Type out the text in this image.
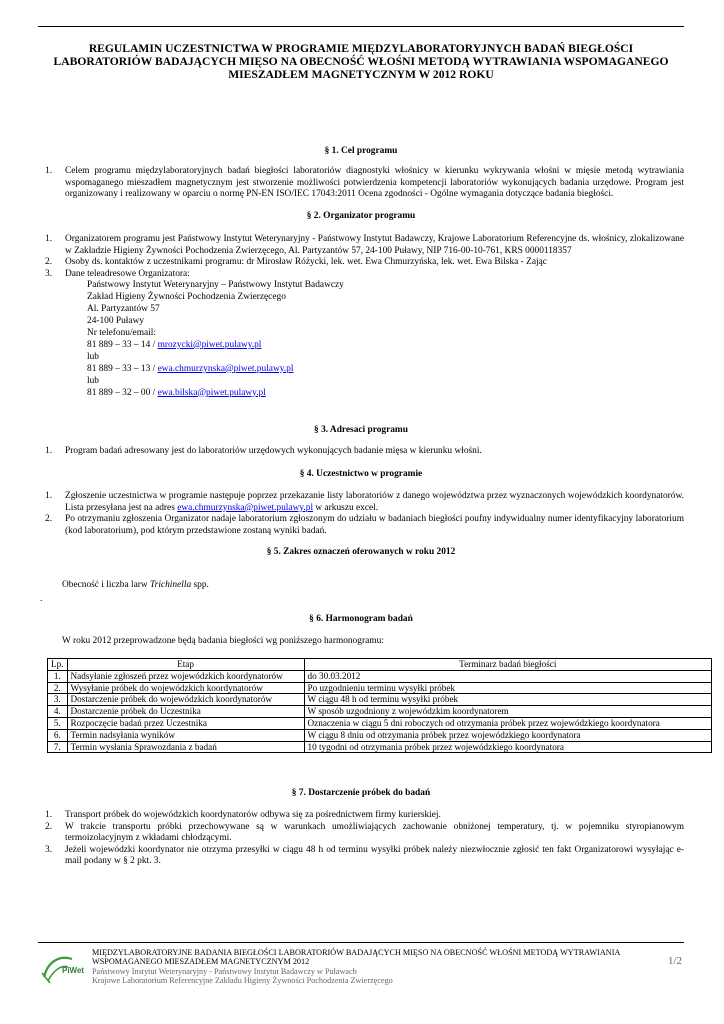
REGULAMIN UCZESTNICTWA W PROGRAMIE MIĘDZYLABORATORYJNYCH BADAŃ BIEGŁOŚCI LABORATORIÓW BADAJĄCYCH MIĘSO NA OBECNOŚĆ WŁOŚNI METODĄ WYTRAWIANIA WSPOMAGANEGO MIESZADŁEM MAGNETYCZNYM W 2012 ROKU
§ 1. Cel programu
1. Celem programu międzylaboratoryjnych badań biegłości laboratoriów diagnostyki włośnicy w kierunku wykrywania włośni w mięsie metodą wytrawiania wspomaganego mieszadłem magnetycznym jest stworzenie możliwości potwierdzenia kompetencji laboratoriów wykonujących badania urzędowe. Program jest organizowany i realizowany w oparciu o normę PN-EN ISO/IEC 17043:2011 Ocena zgodności - Ogólne wymagania dotyczące badania biegłości.
§ 2. Organizator programu
1. Organizatorem programu jest Państwowy Instytut Weterynaryjny - Państwowy Instytut Badawczy, Krajowe Laboratorium Referencyjne ds. włośnicy, zlokalizowane w Zakładzie Higieny Żywności Pochodzenia Zwierzęcego, Al. Partyzantów 57, 24-100 Puławy, NIP 716-00-10-761, KRS 0000118357
2. Osoby ds. kontaktów z uczestnikami programu: dr Mirosław Różycki, lek. wet. Ewa Chmurzyńska, lek. wet. Ewa Bilska - Zając
3. Dane teleadresowe Organizatora:
Państwowy Instytut Weterynaryjny – Państwowy Instytut Badawczy
Zakład Higieny Żywności Pochodzenia Zwierzęcego
Al. Partyzantów 57
24-100 Puławy
Nr telefonu/email:
81 889 – 33 – 14 / mrozycki@piwet.pulawy.pl
lub
81 889 – 33 – 13 / ewa.chmurzynska@piwet.pulawy.pl
lub
81 889 – 32 – 00 / ewa.bilska@piwet.pulawy.pl
§ 3. Adresaci programu
1. Program badań adresowany jest do laboratoriów urzędowych wykonujących badanie mięsa w kierunku włośni.
§ 4. Uczestnictwo w programie
1. Zgłoszenie uczestnictwa w programie następuje poprzez przekazanie listy laboratoriów z danego województwa przez wyznaczonych wojewódzkich koordynatorów. Lista przesyłana jest na adres ewa.chmurzynska@piwet.pulawy.pl w arkuszu excel.
2. Po otrzymaniu zgłoszenia Organizator nadaje laboratorium zgłoszonym do udziału w badaniach biegłości poufny indywidualny numer identyfikacyjny laboratorium (kod laboratorium), pod którym przedstawione zostaną wyniki badań.
§ 5. Zakres oznaczeń oferowanych w roku 2012
Obecność i liczba larw Trichinella spp.
.
§ 6. Harmonogram badań
W roku 2012 przeprowadzone będą badania biegłości wg poniższego harmonogramu:
Lp.	Etap	Terminarz badań biegłości
1.	Nadsyłanie zgłoszeń przez wojewódzkich koordynatorów	do 30.03.2012
2.	Wysyłanie próbek do wojewódzkich koordynatorów	Po uzgodnieniu terminu wysyłki próbek
3.	Dostarczenie próbek do wojewódzkich koordynatorów	W ciągu 48 h od terminu wysyłki próbek
4.	Dostarczenie próbek do Uczestnika	W sposób uzgodniony z wojewódzkim koordynatorem
5.	Rozpoczęcie badań przez Uczestnika	Oznaczenia w ciągu 5 dni roboczych od otrzymania próbek przez wojewódzkiego koordynatora
6.	Termin nadsyłania wyników	W ciągu 8 dniu od otrzymania próbek przez wojewódzkiego koordynatora
7.	Termin wysłania Sprawozdania z badań	10 tygodni od otrzymania próbek przez wojewódzkiego koordynatora
§ 7. Dostarczenie próbek do badań
1. Transport próbek do wojewódzkich koordynatorów odbywa się za pośrednictwem firmy kurierskiej.
2. W trakcie transportu próbki przechowywane są w warunkach umożliwiających zachowanie obniżonej temperatury, tj. w pojemniku styropianowym termoizolacyjnym z wkładami chłodzącymi.
3. Jeżeli wojewódzki koordynator nie otrzyma przesyłki w ciągu 48 h od terminu wysyłki próbek należy niezwłocznie zgłosić ten fakt Organizatorowi wysyłając e-mail podany w § 2 pkt. 3.
PiWet
MIĘDZYLABORATORYJNE BADANIA BIEGŁOŚCI LABORATORIÓW BADAJĄCYCH MIĘSO NA OBECNOŚĆ WŁOŚNI METODĄ WYTRAWIANIA
WSPOMAGANEGO MIESZADŁEM MAGNETYCZNYM 2012
Państwowy Instytut Weterynaryjny - Państwowy Instytut Badawczy w Puławach
Krajowe Laboratorium Referencyjne Zakładu Higieny Żywności Pochodzenia Zwierzęcego
1/2
